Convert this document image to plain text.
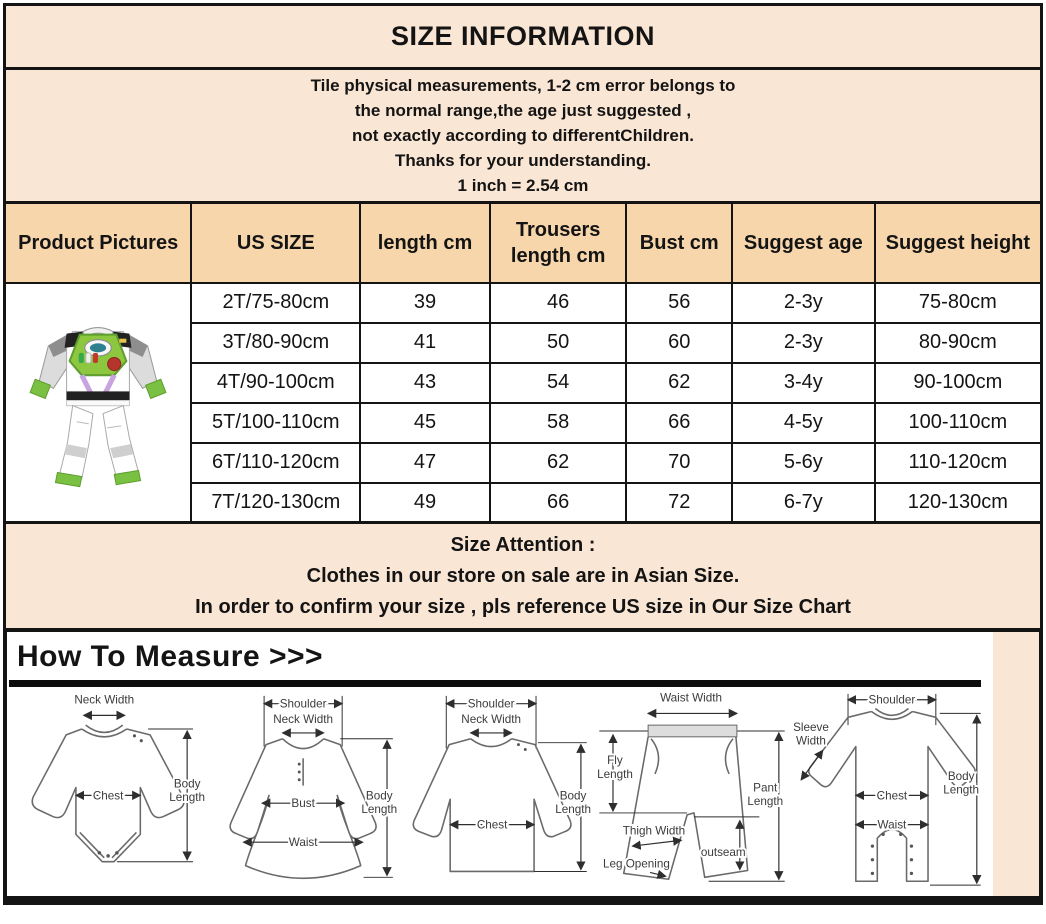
SIZE INFORMATION

Tile physical measurements, 1-2 cm error belongs to

the normal range,the age just suggested ,

not exactly according to differentChildren.

Thanks for your understanding.

1 inch = 2.54 cm

Product Pictures	US SIZE	length cm	Trousers length cm	Bust cm	Suggest age	Suggest height
	2T/75-80cm	39	46	56	2-3y	75-80cm
	3T/80-90cm	41	50	60	2-3y	80-90cm
	4T/90-100cm	43	54	62	3-4y	90-100cm
	5T/100-110cm	45	58	66	4-5y	100-110cm
	6T/110-120cm	47	62	70	5-6y	110-120cm
	7T/120-130cm	49	66	72	6-7y	120-130cm
Size Attention :

Clothes in our store on sale are in Asian Size.

In order to confirm your size , pls reference US size in Our Size Chart

How To Measure >>>
Neck Width
Chest
Body
Length
Shoulder
Neck Width
Bust
Waist
Body
Length
Shoulder
Neck Width
Chest
Body
Length
Waist Width
Fly
Length
Thigh Width
Leg Opening
outseam
Pant
Length
Shoulder
Sleeve
Width
Chest
Waist
Body
Length
